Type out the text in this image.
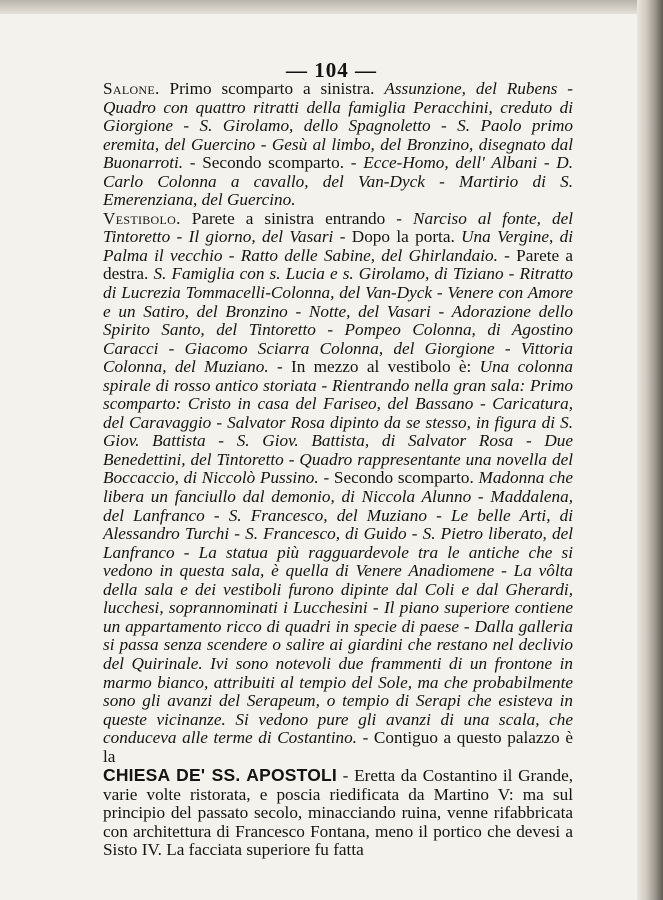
— 104 —

Salone. Primo scomparto a sinistra. Assunzione, del Rubens - Quadro con quattro ritratti della famiglia Peracchini, creduto di Giorgione - S. Girolamo, dello Spagnoletto - S. Paolo primo eremita, del Guercino - Gesù al limbo, del Bronzino, disegnato dal Buonarroti. - Secondo scomparto. - Ecce-Homo, dell' Albani - D. Carlo Colonna a cavallo, del Van-Dyck - Martirio di S. Emerenziana, del Guercino.

Vestibolo. Parete a sinistra entrando - Narciso al fonte, del Tintoretto - Il giorno, del Vasari - Dopo la porta. Una Vergine, di Palma il vecchio - Ratto delle Sabine, del Ghirlandaio. - Parete a destra. S. Famiglia con s. Lucia e s. Girolamo, di Tiziano - Ritratto di Lucrezia Tommacelli-Colonna, del Van-Dyck - Venere con Amore e un Satiro, del Bronzino - Notte, del Vasari - Adorazione dello Spirito Santo, del Tintoretto - Pompeo Colonna, di Agostino Caracci - Giacomo Sciarra Colonna, del Giorgione - Vittoria Colonna, del Muziano. - In mezzo al vestibolo è: Una colonna spirale di rosso antico storiata - Rientrando nella gran sala: Primo scomparto: Cristo in casa del Fariseo, del Bassano - Caricatura, del Caravaggio - Salvator Rosa dipinto da se stesso, in figura di S. Giov. Battista - S. Giov. Battista, di Salvator Rosa - Due Benedettini, del Tintoretto - Quadro rappresentante una novella del Boccaccio, di Niccolò Pussino. - Secondo scomparto. Madonna che libera un fanciullo dal demonio, di Niccola Alunno - Maddalena, del Lanfranco - S. Francesco, del Muziano - Le belle Arti, di Alessandro Turchi - S. Francesco, di Guido - S. Pietro liberato, del Lanfranco - La statua più ragguardevole tra le antiche che si vedono in questa sala, è quella di Venere Anadiomene - La vôlta della sala e dei vestiboli furono dipinte dal Coli e dal Gherardi, lucchesi, soprannominati i Lucchesini - Il piano superiore contiene un appartamento ricco di quadri in specie di paese - Dalla galleria si passa senza scendere o salire ai giardini che restano nel declivio del Quirinale. Ivi sono notevoli due frammenti di un frontone in marmo bianco, attribuiti al tempio del Sole, ma che probabilmente sono gli avanzi del Serapeum, o tempio di Serapi che esisteva in queste vicinanze. Si vedono pure gli avanzi di una scala, che conduceva alle terme di Costantino. - Contiguo a questo palazzo è la

CHIESA DE' SS. APOSTOLI - Eretta da Costantino il Grande, varie volte ristorata, e poscia riedificata da Martino V: ma sul principio del passato secolo, minacciando ruina, venne rifabbricata con architettura di Francesco Fontana, meno il portico che devesi a Sisto IV. La facciata superiore fu fatta
